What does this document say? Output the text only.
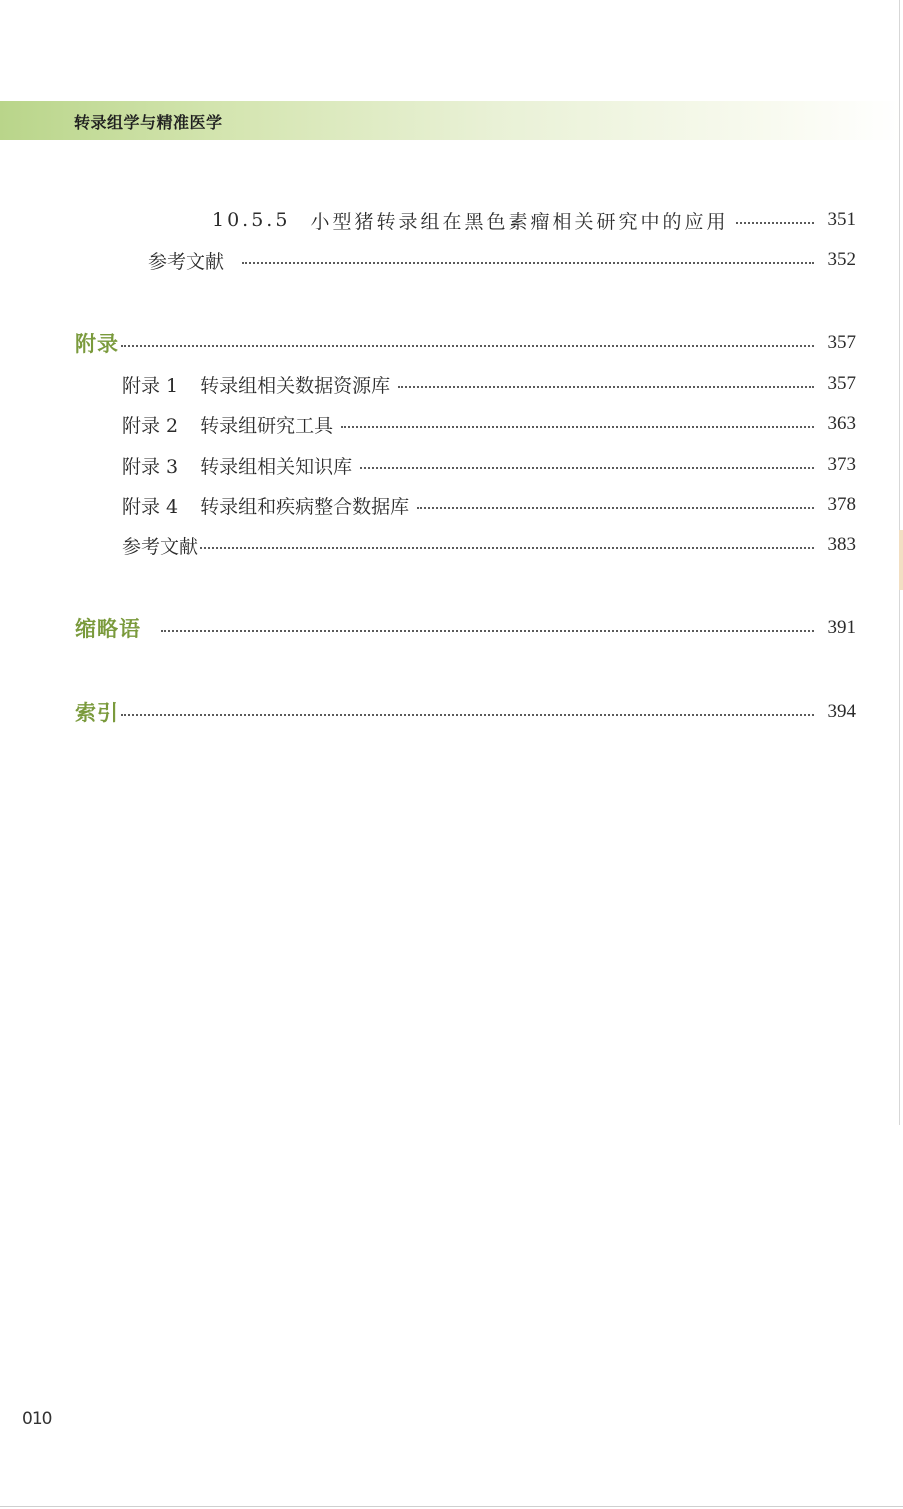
转录组学与精准医学
10.5.5 小型猪转录组在黑色素瘤相关研究中的应用	351
参考文献	352
附录	357
附录 1 转录组相关数据资源库	357
附录 2 转录组研究工具	363
附录 3 转录组相关知识库	373
附录 4 转录组和疾病整合数据库	378
参考文献	383
缩略语	391
索引	394
010
